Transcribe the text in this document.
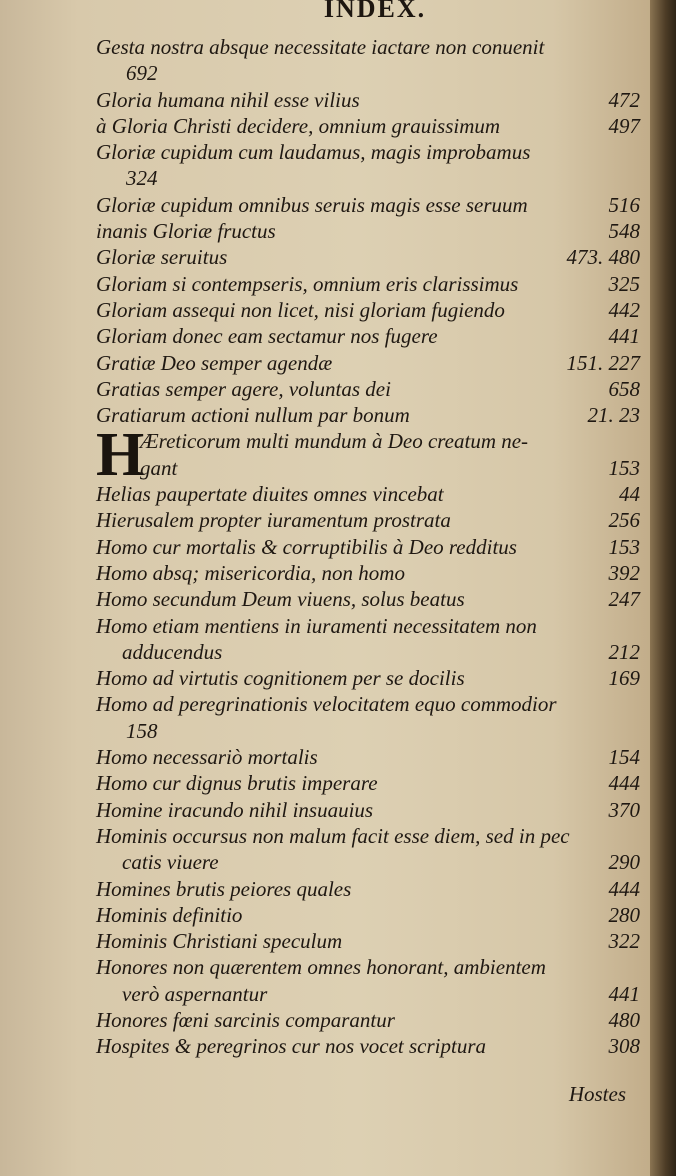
INDEX.
Gesta nostra absque necessitate iactare non conuenit
692
Gloria humana nihil esse vilius	472
à Gloria Christi decidere, omnium grauissimum	497
Gloriæ cupidum cum laudamus, magis improbamus
324
Gloriæ cupidum omnibus seruis magis esse seruum	516
inanis Gloriæ fructus	548
Gloriæ seruitus	473. 480
Gloriam si contempseris, omnium eris clarissimus	325
Gloriam assequi non licet, nisi gloriam fugiendo	442
Gloriam donec eam sectamur nos fugere	441
Gratiæ Deo semper agendæ	151. 227
Gratias semper agere, voluntas dei	658
Gratiarum actioni nullum par bonum	21. 23
H
Æreticorum multi mundum à Deo creatum ne-
gant	153
Helias paupertate diuites omnes vincebat	44
Hierusalem propter iuramentum prostrata	256
Homo cur mortalis & corruptibilis à Deo redditus	153
Homo absq; misericordia, non homo	392
Homo secundum Deum viuens, solus beatus	247
Homo etiam mentiens in iuramenti necessitatem non
adducendus	212
Homo ad virtutis cognitionem per se docilis	169
Homo ad peregrinationis velocitatem equo commodior
158
Homo necessariò mortalis	154
Homo cur dignus brutis imperare	444
Homine iracundo nihil insuauius	370
Hominis occursus non malum facit esse diem, sed in pec
catis viuere	290
Homines brutis peiores quales	444
Hominis definitio	280
Hominis Christiani speculum	322
Honores non quærentem omnes honorant, ambientem
verò aspernantur	441
Honores fœni sarcinis comparantur	480
Hospites & peregrinos cur nos vocet scriptura	308
Hostes
